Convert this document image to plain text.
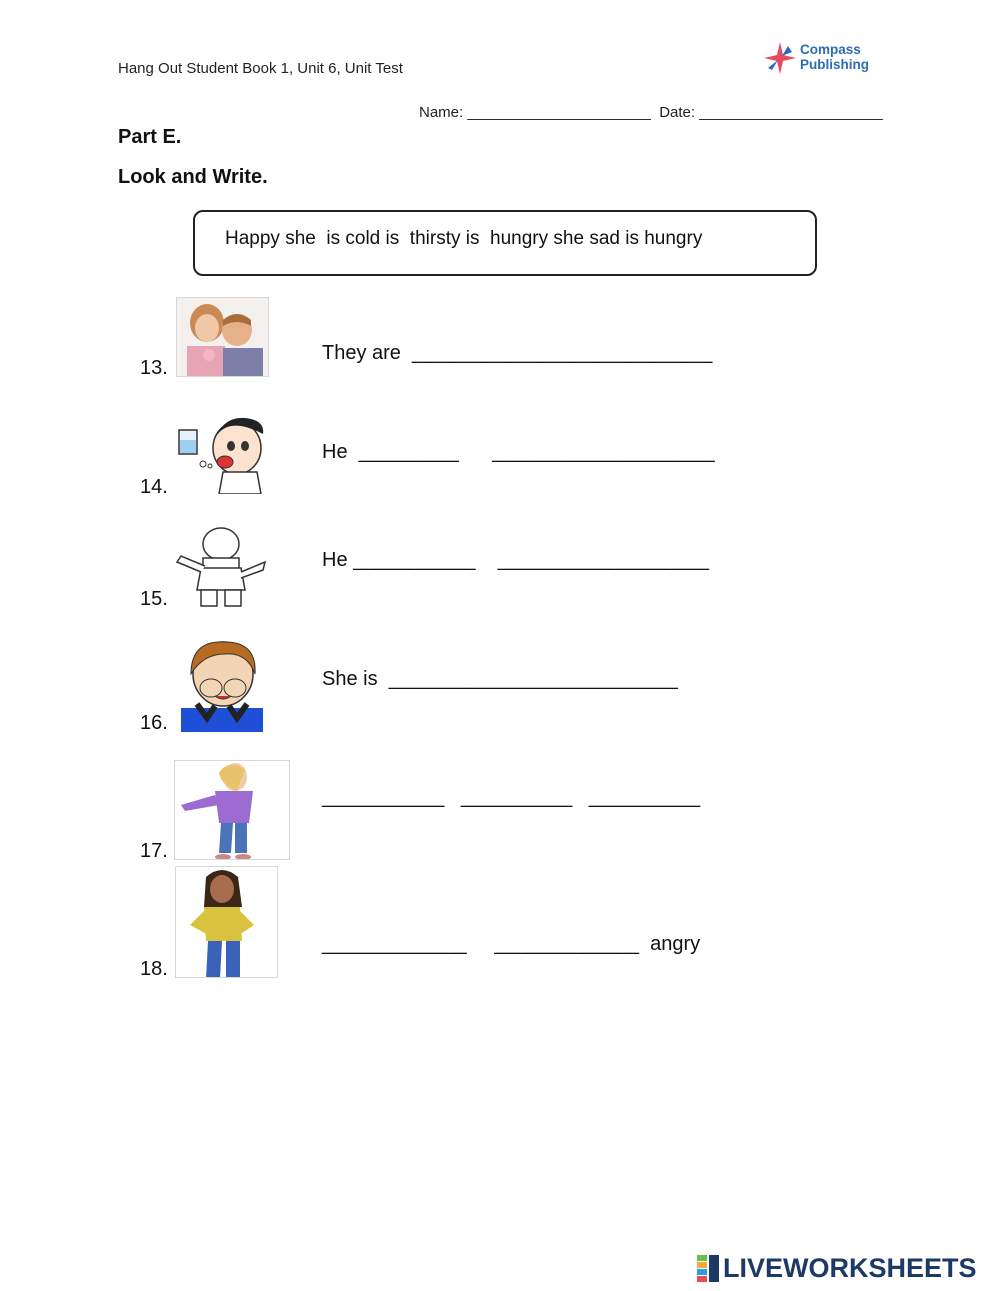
Hang Out Student Book 1, Unit 6, Unit Test
Compass
Publishing
Name: ______________________  Date: ______________________
Part E.
Look and Write.
Happy she  is cold is  thirsty is  hungry she sad is hungry
13.
They are  ___________________________
14.
He  _________      ____________________
15.
He ___________    ___________________
16.
She is  __________________________
17.
___________   __________   __________
18.
_____________     _____________  angry
LIVEWORKSHEETS
